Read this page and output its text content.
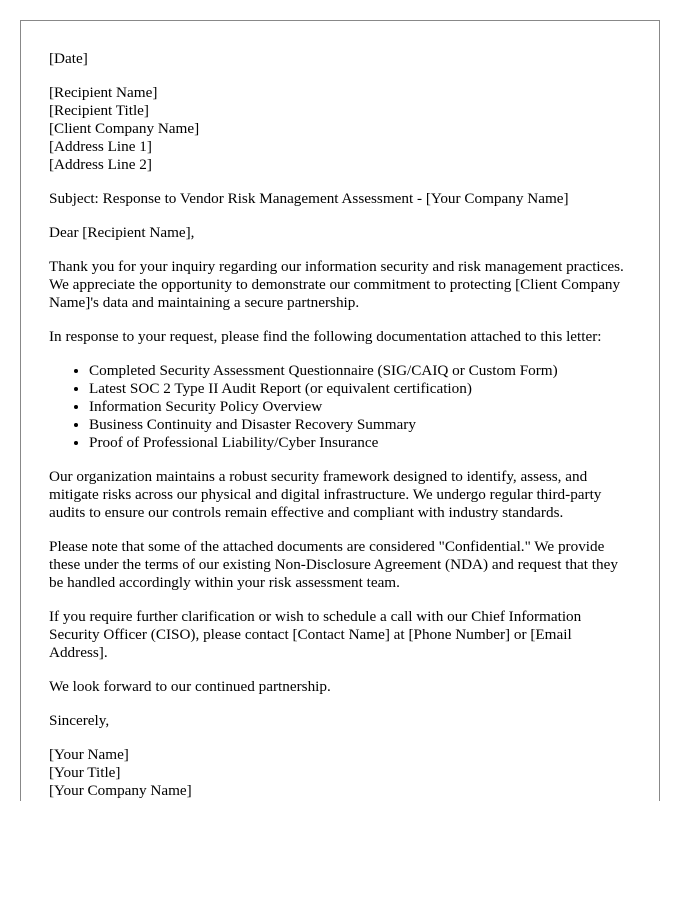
[Date]

[Recipient Name]
[Recipient Title]
[Client Company Name]
[Address Line 1]
[Address Line 2]

Subject: Response to Vendor Risk Management Assessment - [Your Company Name]

Dear [Recipient Name],

Thank you for your inquiry regarding our information security and risk management practices. We appreciate the opportunity to demonstrate our commitment to protecting [Client Company Name]'s data and maintaining a secure partnership.

In response to your request, please find the following documentation attached to this letter:

• Completed Security Assessment Questionnaire (SIG/CAIQ or Custom Form)
• Latest SOC 2 Type II Audit Report (or equivalent certification)
• Information Security Policy Overview
• Business Continuity and Disaster Recovery Summary
• Proof of Professional Liability/Cyber Insurance

Our organization maintains a robust security framework designed to identify, assess, and mitigate risks across our physical and digital infrastructure. We undergo regular third-party audits to ensure our controls remain effective and compliant with industry standards.

Please note that some of the attached documents are considered "Confidential." We provide these under the terms of our existing Non-Disclosure Agreement (NDA) and request that they be handled accordingly within your risk assessment team.

If you require further clarification or wish to schedule a call with our Chief Information Security Officer (CISO), please contact [Contact Name] at [Phone Number] or [Email Address].

We look forward to our continued partnership.

Sincerely,

[Your Name]
[Your Title]
[Your Company Name]
